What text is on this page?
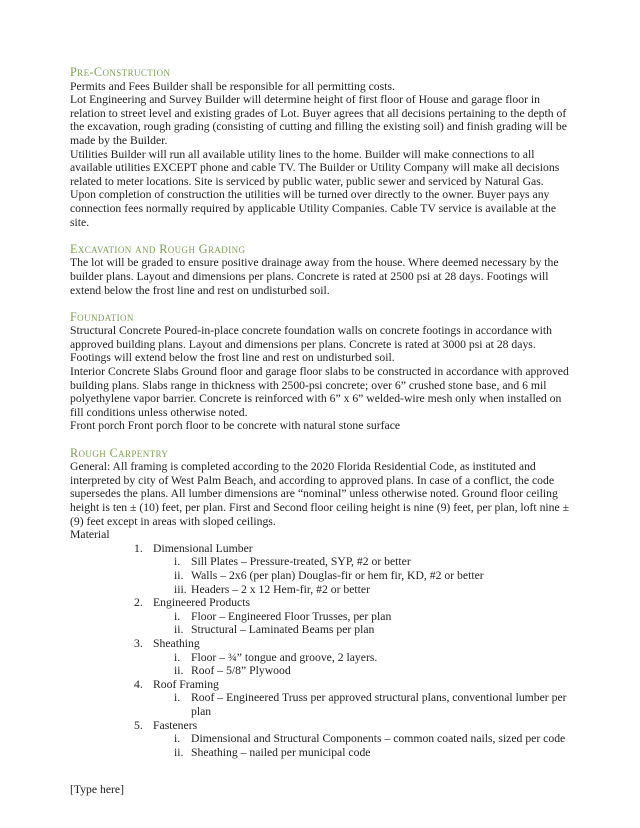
Pre-Construction

Permits and Fees Builder shall be responsible for all permitting costs.

Lot Engineering and Survey Builder will determine height of first floor of House and garage floor in relation to street level and existing grades of Lot. Buyer agrees that all decisions pertaining to the depth of the excavation, rough grading (consisting of cutting and filling the existing soil) and finish grading will be made by the Builder.

Utilities Builder will run all available utility lines to the home. Builder will make connections to all available utilities EXCEPT phone and cable TV. The Builder or Utility Company will make all decisions related to meter locations. Site is serviced by public water, public sewer and serviced by Natural Gas. Upon completion of construction the utilities will be turned over directly to the owner. Buyer pays any connection fees normally required by applicable Utility Companies. Cable TV service is available at the site.

Excavation and Rough Grading

The lot will be graded to ensure positive drainage away from the house. Where deemed necessary by the builder plans. Layout and dimensions per plans. Concrete is rated at 2500 psi at 28 days. Footings will extend below the frost line and rest on undisturbed soil.

Foundation

Structural Concrete Poured-in-place concrete foundation walls on concrete footings in accordance with approved building plans. Layout and dimensions per plans. Concrete is rated at 3000 psi at 28 days. Footings will extend below the frost line and rest on undisturbed soil.

Interior Concrete Slabs Ground floor and garage floor slabs to be constructed in accordance with approved building plans. Slabs range in thickness with 2500-psi concrete; over 6” crushed stone base, and 6 mil polyethylene vapor barrier. Concrete is reinforced with 6” x 6” welded-wire mesh only when installed on fill conditions unless otherwise noted.

Front porch Front porch floor to be concrete with natural stone surface

Rough Carpentry

General: All framing is completed according to the 2020 Florida Residential Code, as instituted and interpreted by city of West Palm Beach, and according to approved plans. In case of a conflict, the code supersedes the plans. All lumber dimensions are “nominal” unless otherwise noted. Ground floor ceiling height is ten ± (10) feet, per plan. First and Second floor ceiling height is nine (9) feet, per plan, loft nine ± (9) feet except in areas with sloped ceilings.

Material

1. Dimensional Lumber
i. Sill Plates – Pressure-treated, SYP, #2 or better
ii. Walls – 2x6 (per plan) Douglas-fir or hem fir, KD, #2 or better
iii. Headers – 2 x 12 Hem-fir, #2 or better
2. Engineered Products
i. Floor – Engineered Floor Trusses, per plan
ii. Structural – Laminated Beams per plan
3. Sheathing
i. Floor – ¾” tongue and groove, 2 layers.
ii. Roof – 5/8” Plywood
4. Roof Framing
i. Roof – Engineered Truss per approved structural plans, conventional lumber per plan
5. Fasteners
i. Dimensional and Structural Components – common coated nails, sized per code
ii. Sheathing – nailed per municipal code
[Type here]
